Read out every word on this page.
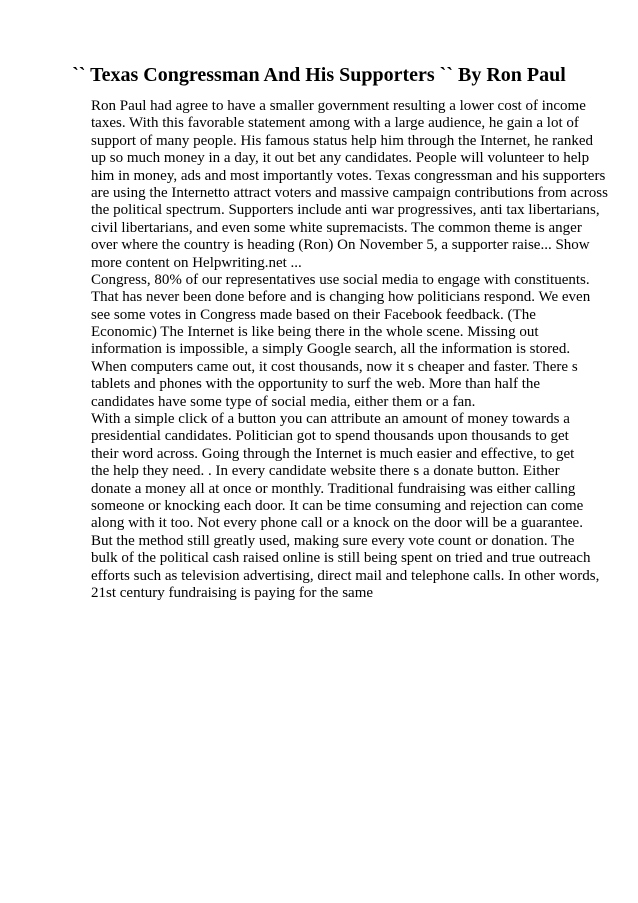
`` Texas Congressman And His Supporters `` By Ron Paul
Ron Paul had agree to have a smaller government resulting a lower cost of income
taxes. With this favorable statement among with a large audience, he gain a lot of
support of many people. His famous status help him through the Internet, he ranked
up so much money in a day, it out bet any candidates. People will volunteer to help
him in money, ads and most importantly votes. Texas congressman and his supporters
are using the Internetto attract voters and massive campaign contributions from across
the political spectrum. Supporters include anti war progressives, anti tax libertarians,
civil libertarians, and even some white supremacists. The common theme is anger
over where the country is heading (Ron) On November 5, a supporter raise... Show
more content on Helpwriting.net ...
Congress, 80% of our representatives use social media to engage with constituents.
That has never been done before and is changing how politicians respond. We even
see some votes in Congress made based on their Facebook feedback. (The
Economic) The Internet is like being there in the whole scene. Missing out
information is impossible, a simply Google search, all the information is stored.
When computers came out, it cost thousands, now it s cheaper and faster. There s
tablets and phones with the opportunity to surf the web. More than half the
candidates have some type of social media, either them or a fan.
With a simple click of a button you can attribute an amount of money towards a
presidential candidates. Politician got to spend thousands upon thousands to get
their word across. Going through the Internet is much easier and effective, to get
the help they need. . In every candidate website there s a donate button. Either
donate a money all at once or monthly. Traditional fundraising was either calling
someone or knocking each door. It can be time consuming and rejection can come
along with it too. Not every phone call or a knock on the door will be a guarantee.
But the method still greatly used, making sure every vote count or donation. The
bulk of the political cash raised online is still being spent on tried and true outreach
efforts such as television advertising, direct mail and telephone calls. In other words,
21st century fundraising is paying for the same
